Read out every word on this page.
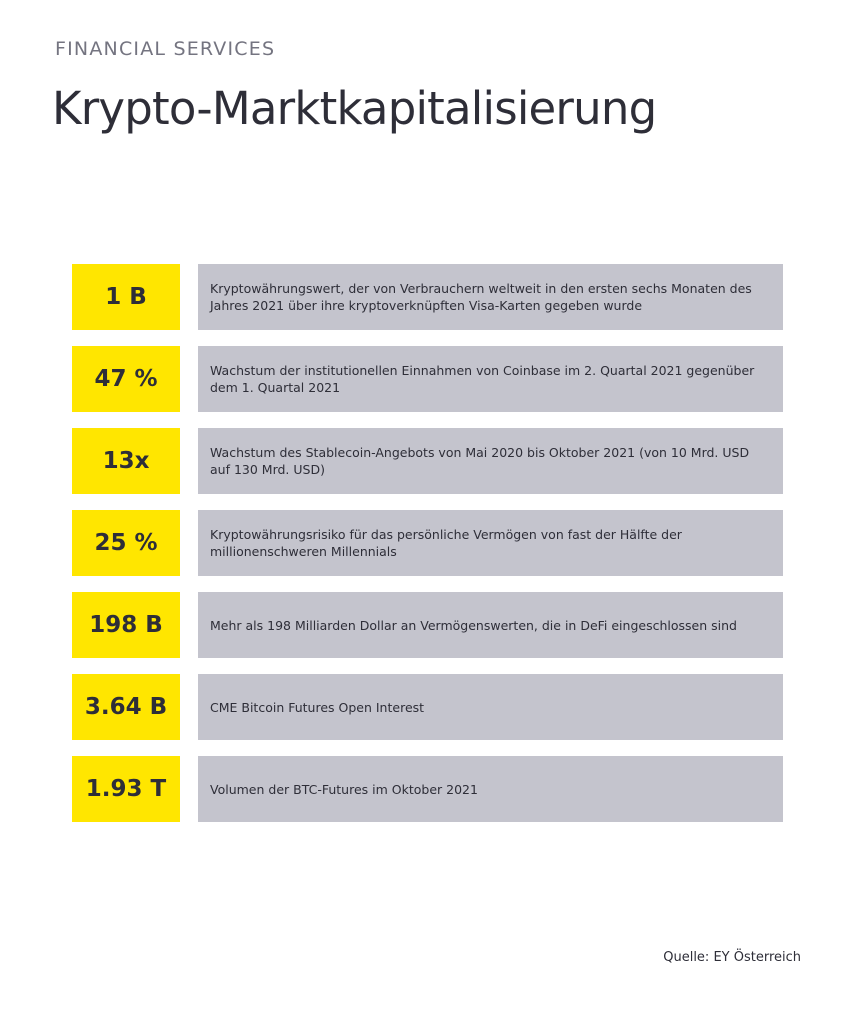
FINANCIAL SERVICES
Krypto-Marktkapitalisierung
1 B	Kryptowährungswert, der von Verbrauchern weltweit in den ersten sechs Monaten des Jahres 2021 über ihre kryptoverknüpften Visa-Karten gegeben wurde
47 %	Wachstum der institutionellen Einnahmen von Coinbase im 2. Quartal 2021 gegenüber dem 1. Quartal 2021
13x	Wachstum des Stablecoin-Angebots von Mai 2020 bis Oktober 2021 (von 10 Mrd. USD auf 130 Mrd. USD)
25 %	Kryptowährungsrisiko für das persönliche Vermögen von fast der Hälfte der millionenschweren Millennials
198 B	Mehr als 198 Milliarden Dollar an Vermögenswerten, die in DeFi eingeschlossen sind
3.64 B	CME Bitcoin Futures Open Interest
1.93 T	Volumen der BTC-Futures im Oktober 2021
Quelle: EY Österreich
